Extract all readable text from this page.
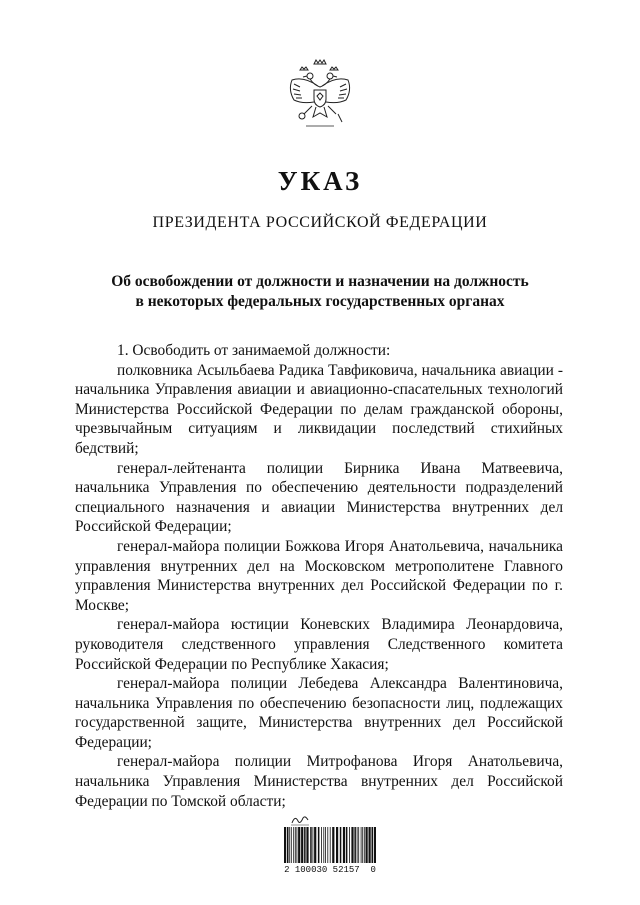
УКАЗ
ПРЕЗИДЕНТА РОССИЙСКОЙ ФЕДЕРАЦИИ
Об освобождении от должности и назначении на должность
в некоторых федеральных государственных органах

1. Освободить от занимаемой должности:

полковника Асыльбаева Радика Тавфиковича, начальника авиации - начальника Управления авиации и авиационно-спасательных технологий Министерства Российской Федерации по делам гражданской обороны, чрезвычайным ситуациям и ликвидации последствий стихийных бедствий;

генерал-лейтенанта полиции Бирника Ивана Матвеевича, начальника Управления по обеспечению деятельности подразделений специального назначения и авиации Министерства внутренних дел Российской Федерации;

генерал-майора полиции Божкова Игоря Анатольевича, начальника управления внутренних дел на Московском метрополитене Главного управления Министерства внутренних дел Российской Федерации по г. Москве;

генерал-майора юстиции Коневских Владимира Леонардовича, руководителя следственного управления Следственного комитета Российской Федерации по Республике Хакасия;

генерал-майора полиции Лебедева Александра Валентиновича, начальника Управления по обеспечению безопасности лиц, подлежащих государственной защите, Министерства внутренних дел Российской Федерации;

генерал-майора полиции Митрофанова Игоря Анатольевича, начальника Управления Министерства внутренних дел Российской Федерации по Томской области;

2 100030 52157  0
